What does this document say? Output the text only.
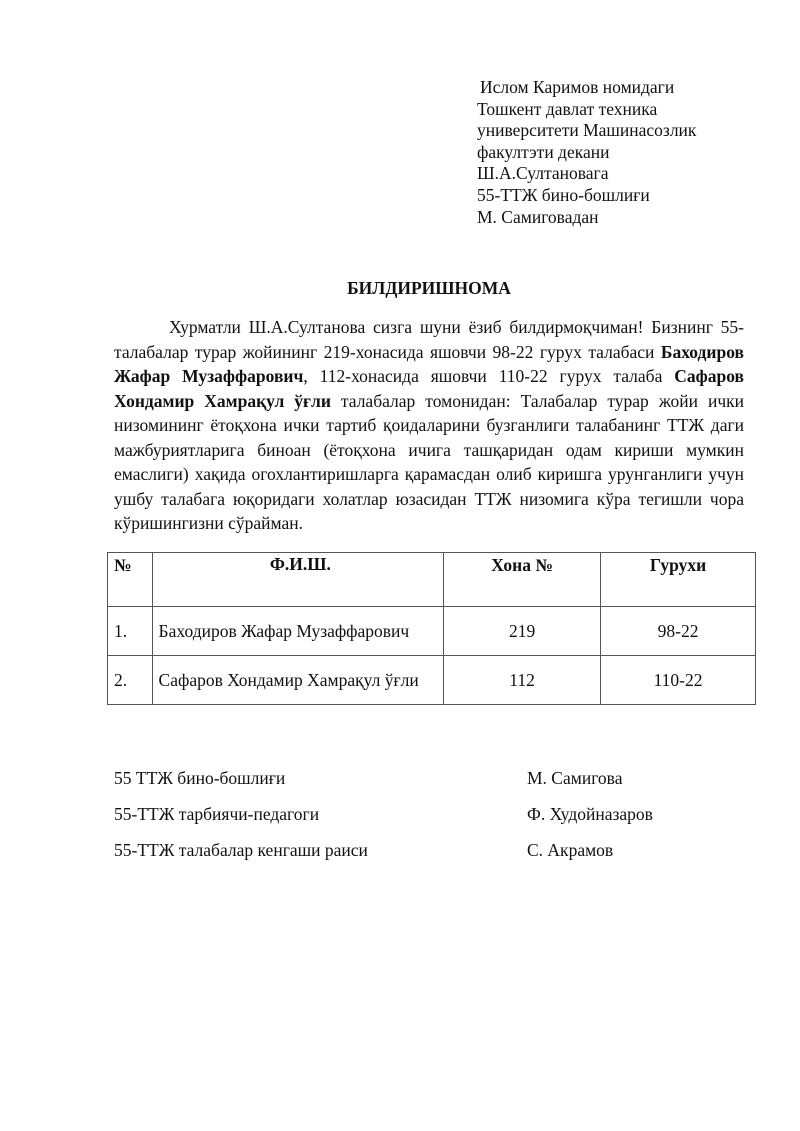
Ислом Каримов номидаги
Тошкент давлат техника
университети Машинасозлик
факултэти декани
Ш.А.Султановага
55-ТТЖ бино-бошлиғи
М. Самиговадан
БИЛДИРИШНОМА
Хурматли Ш.А.Султанова сизга шуни ёзиб билдирмоқчиман! Бизнинг 55-талабалар турар жойининг 219-хонасида яшовчи 98-22 гурух талабаси Баходиров Жафар Музаффарович, 112-хонасида яшовчи 110-22 гурух талаба Сафаров Хондамир Хамрақул ўғли талабалар томонидан: Талабалар турар жойи ички низомининг ётоқхона ички тартиб қоидаларини бузганлиги талабанинг ТТЖ даги мажбуриятларига биноан (ётоқхона ичига ташқаридан одам кириши мумкин емаслиги) хақида огохлантиришларга қарамасдан олиб киришга урунганлиги учун ушбу талабага юқоридаги холатлар юзасидан ТТЖ низомига кўра тегишли чора кўришингизни сўрайман.
№	Ф.И.Ш.	Хона №	Гурухи
1.	Баходиров Жафар Музаффарович	219	98-22
2.	Сафаров Хондамир Хамрақул ўғли	112	110-22
55 ТТЖ бино-бошлиғи	М. Самигова
55-ТТЖ тарбиячи-педагоги	Ф. Худойназаров
55-ТТЖ талабалар кенгаши раиси	С. Акрамов
